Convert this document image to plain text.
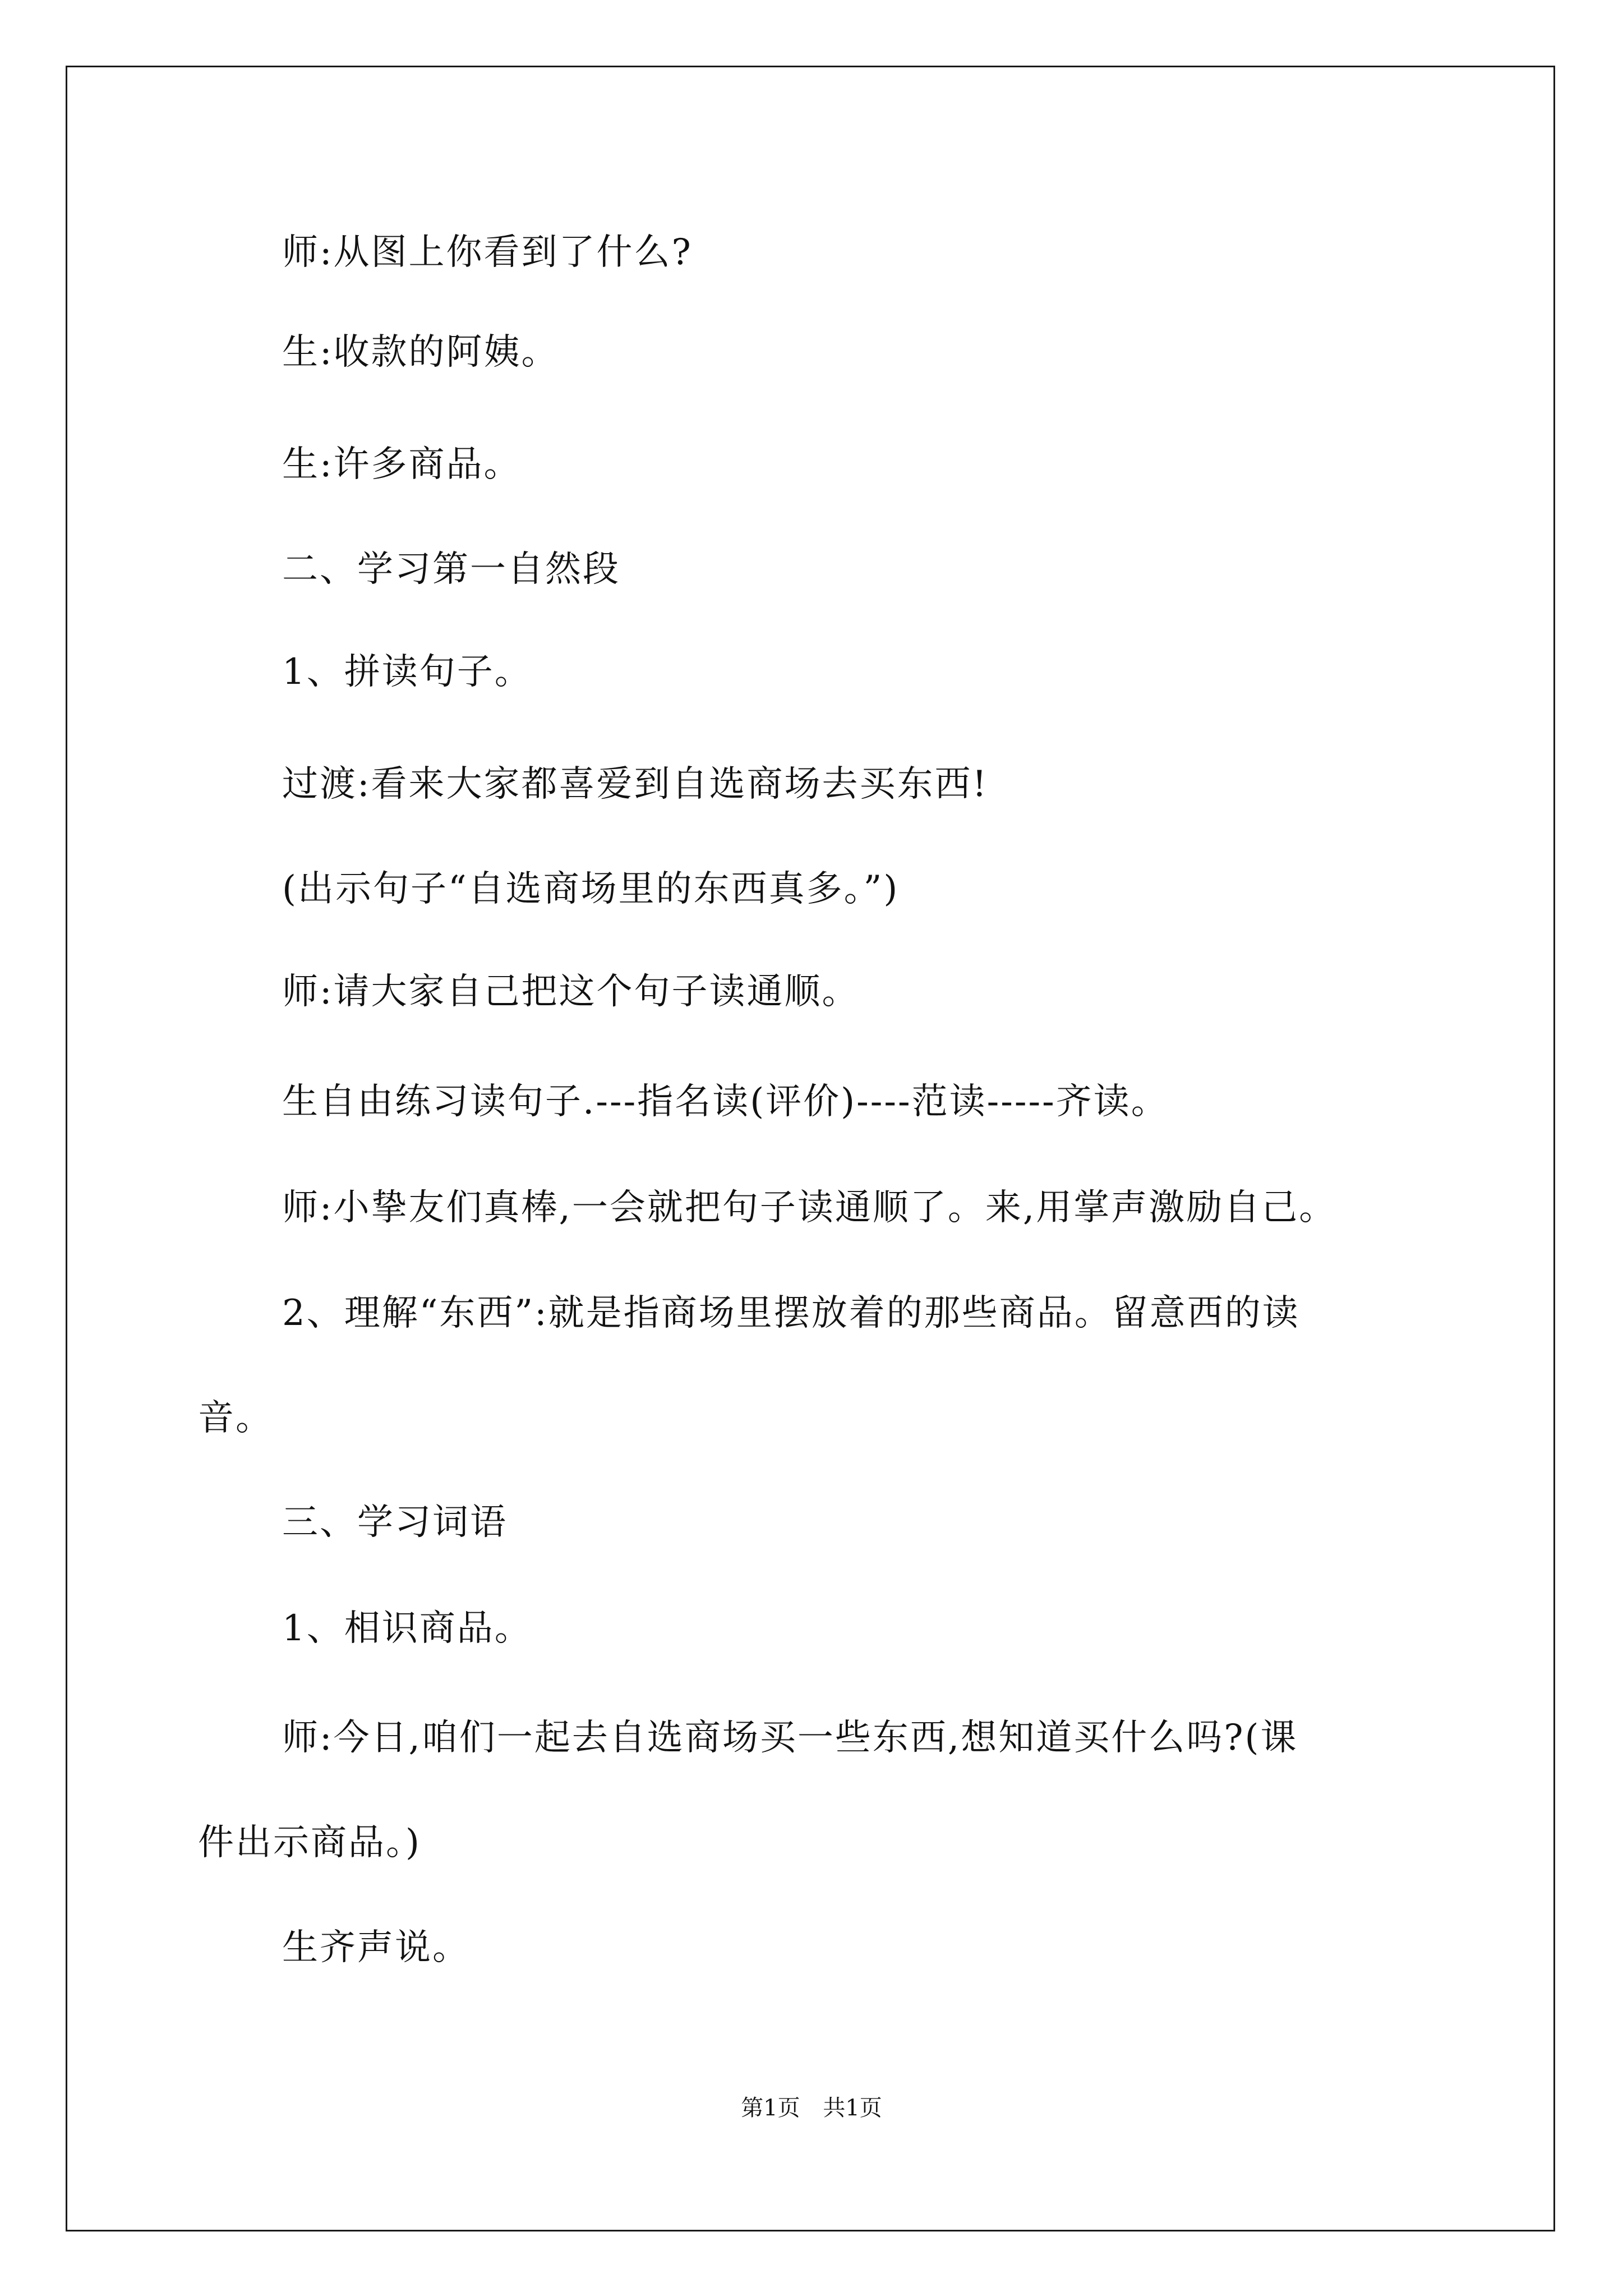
师:从图上你看到了什么?
生:收款的阿姨。
生:许多商品。
二、学习第一自然段
1、拼读句子。
过渡:看来大家都喜爱到自选商场去买东西!
(出示句子“自选商场里的东西真多。”)
师:请大家自己把这个句子读通顺。
生自由练习读句子.---指名读(评价)----范读-----齐读。
师:小挚友们真棒,一会就把句子读通顺了。来,用掌声激励自己。
2、理解“东西”:就是指商场里摆放着的那些商品。留意西的读
音。
三、学习词语
1、相识商品。
师:今日,咱们一起去自选商场买一些东西,想知道买什么吗?(课
件出示商品。)
生齐声说。
第1页 共1页
